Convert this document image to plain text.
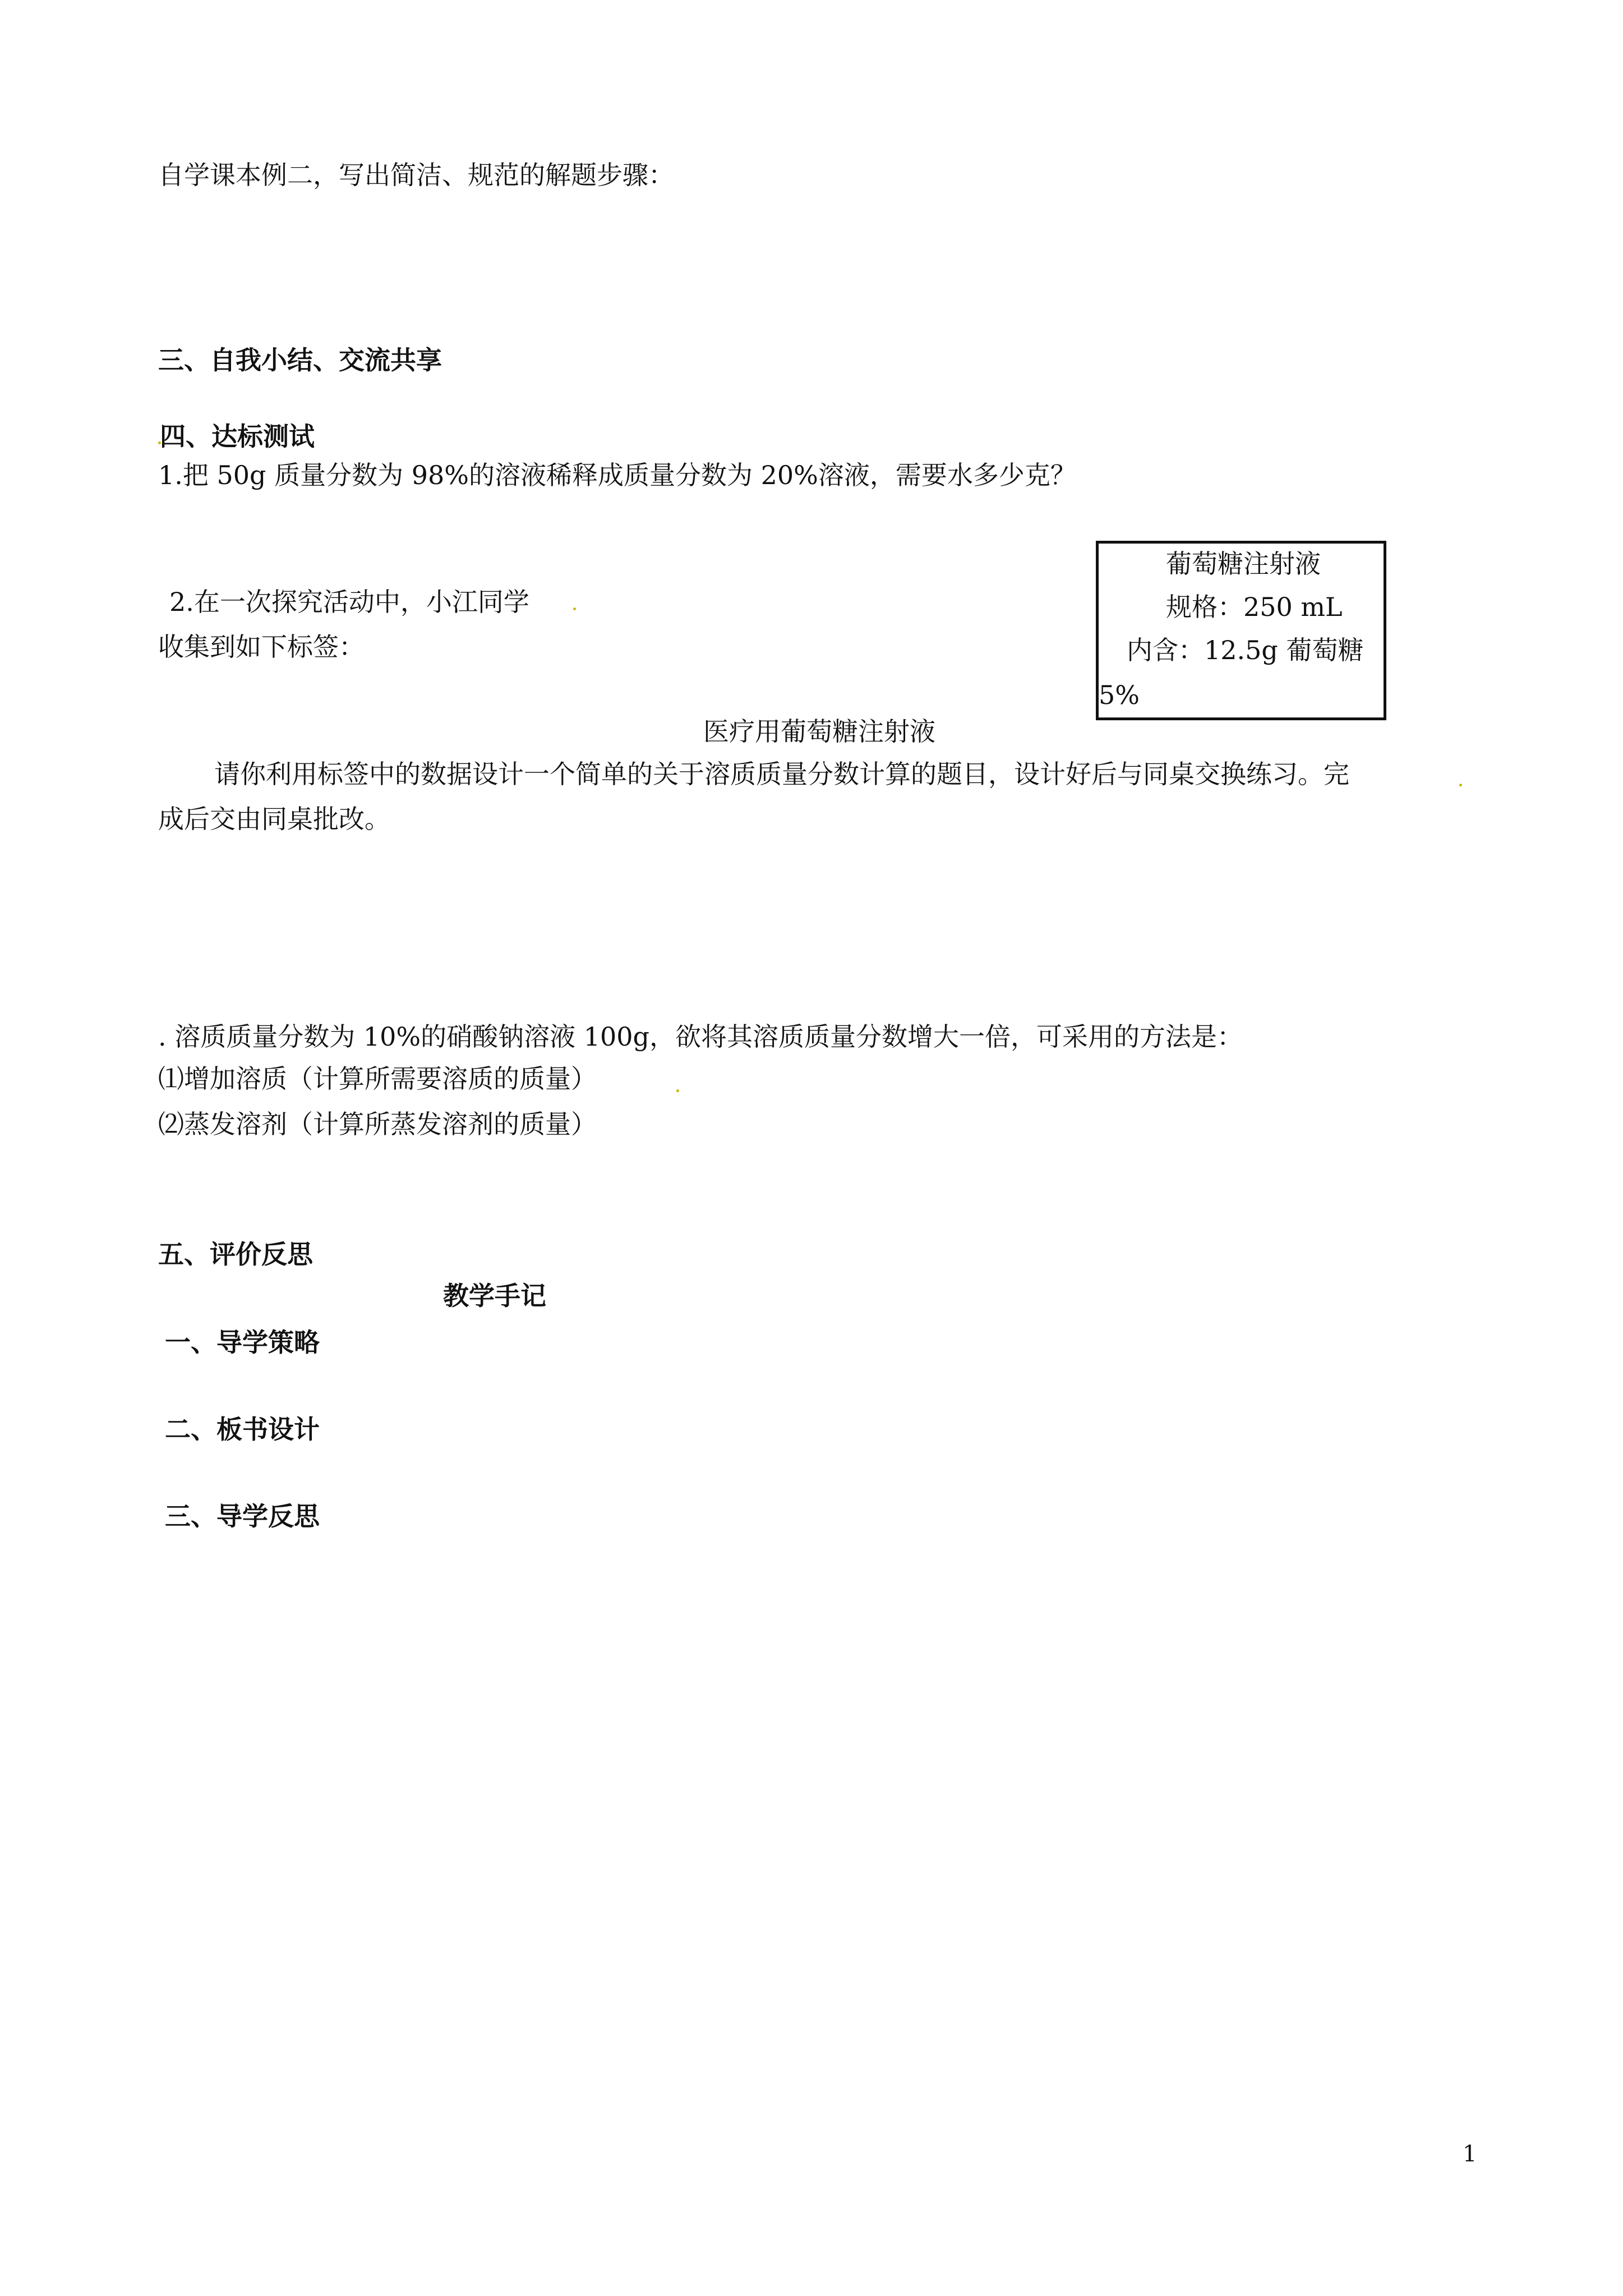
自学课本例二，写出简洁、规范的解题步骤：
三、自我小结、交流共享
四、达标测试
1.把 50g 质量分数为 98%的溶液稀释成质量分数为 20%溶液，需要水多少克？
2.在一次探究活动中，小江同学
收集到如下标签：
葡萄糖注射液
规格：250 mL
内含：12.5g 葡萄糖
5%
医疗用葡萄糖注射液
请你利用标签中的数据设计一个简单的关于溶质质量分数计算的题目，设计好后与同桌交换练习。完
成后交由同桌批改。
. 溶质质量分数为 10%的硝酸钠溶液 100g，欲将其溶质质量分数增大一倍，可采用的方法是：
⑴增加溶质（计算所需要溶质的质量）
⑵蒸发溶剂（计算所蒸发溶剂的质量）
五、评价反思
教学手记
一、导学策略
二、板书设计
三、导学反思
1
